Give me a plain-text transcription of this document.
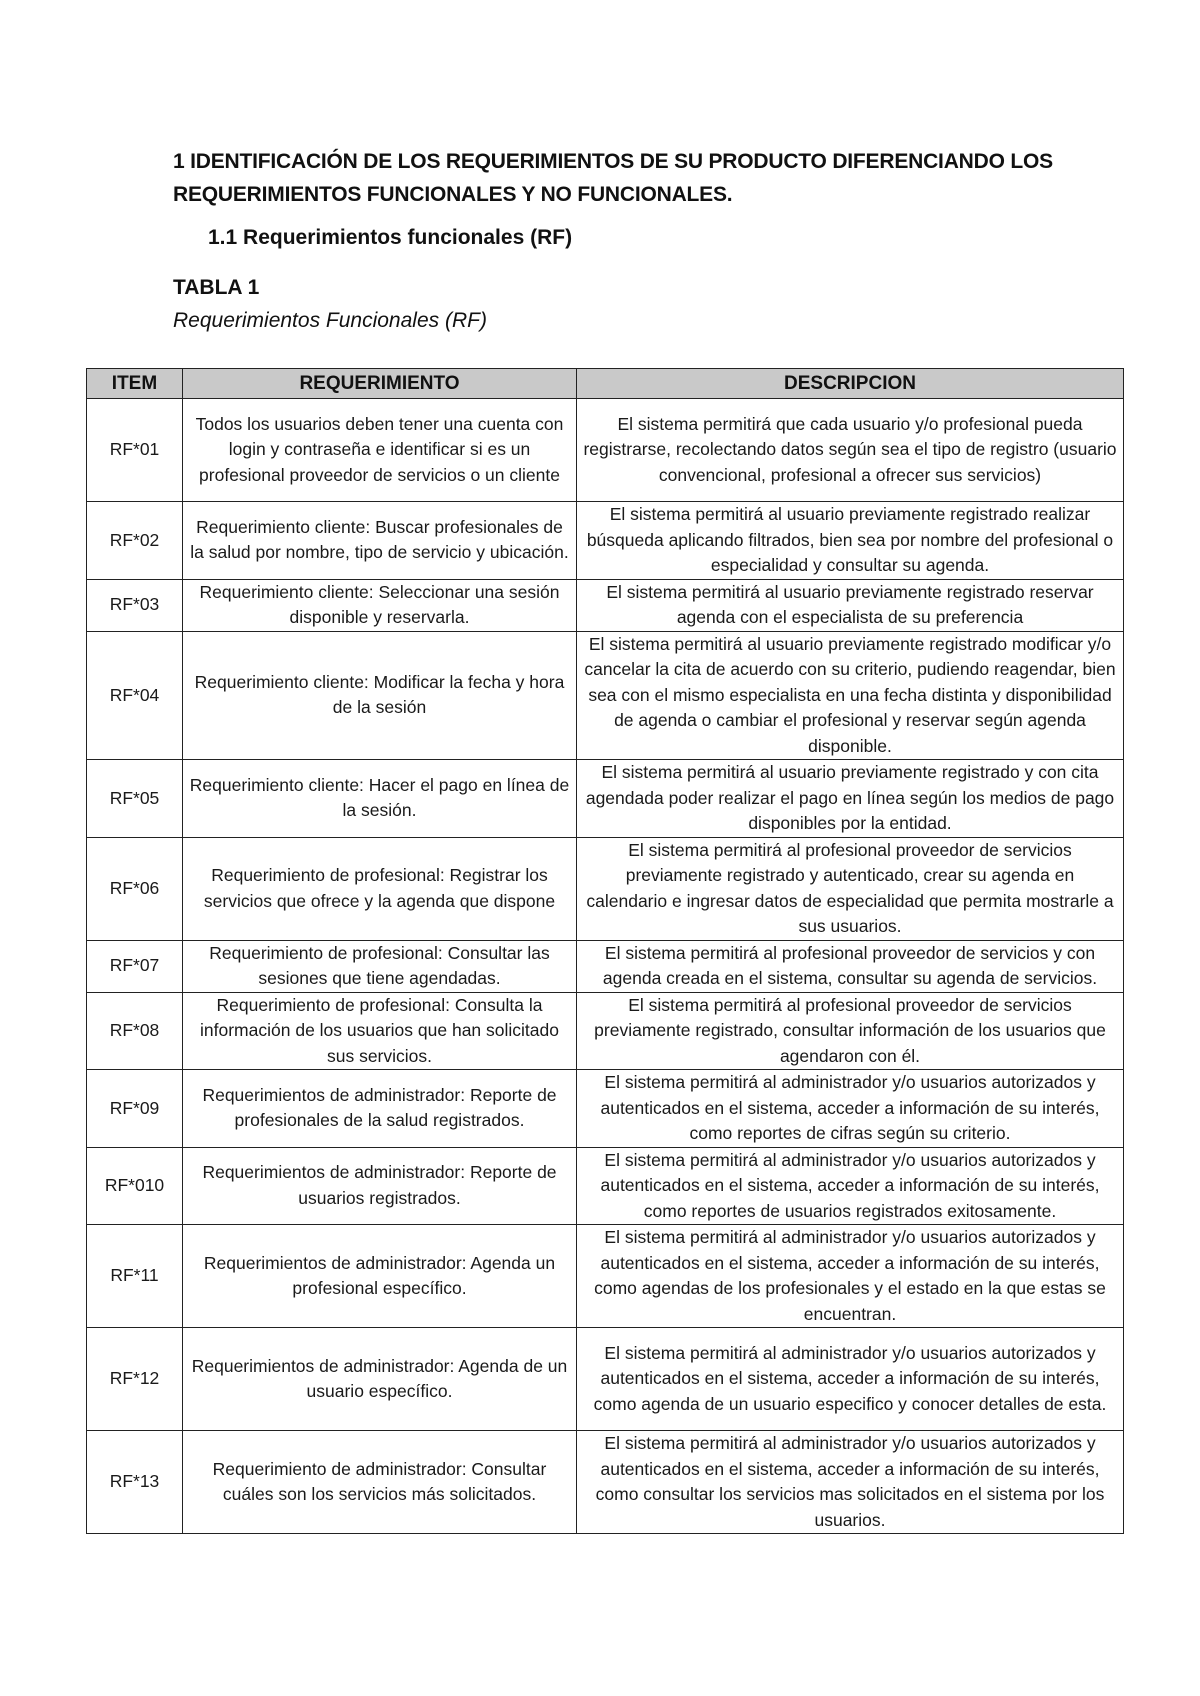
1 IDENTIFICACIÓN DE LOS REQUERIMIENTOS DE SU PRODUCTO DIFERENCIANDO LOS REQUERIMIENTOS FUNCIONALES Y NO FUNCIONALES.
1.1 Requerimientos funcionales (RF)
TABLA 1
Requerimientos Funcionales (RF)
ITEM	REQUERIMIENTO	DESCRIPCION
RF*01	Todos los usuarios deben tener una cuenta con login y contraseña e identificar si es un profesional proveedor de servicios o un cliente	El sistema permitirá que cada usuario y/o profesional pueda registrarse, recolectando datos según sea el tipo de registro (usuario convencional, profesional a ofrecer sus servicios)
RF*02	Requerimiento cliente: Buscar profesionales de la salud por nombre, tipo de servicio y ubicación.	El sistema permitirá al usuario previamente registrado realizar búsqueda aplicando filtrados, bien sea por nombre del profesional o especialidad y consultar su agenda.
RF*03	Requerimiento cliente: Seleccionar una sesión disponible y reservarla.	El sistema permitirá al usuario previamente registrado reservar agenda con el especialista de su preferencia
RF*04	Requerimiento cliente: Modificar la fecha y hora de la sesión	El sistema permitirá al usuario previamente registrado modificar y/o cancelar la cita de acuerdo con su criterio, pudiendo reagendar, bien sea con el mismo especialista en una fecha distinta y disponibilidad de agenda o cambiar el profesional y reservar según agenda disponible.
RF*05	Requerimiento cliente: Hacer el pago en línea de la sesión.	El sistema permitirá al usuario previamente registrado y con cita agendada poder realizar el pago en línea según los medios de pago disponibles por la entidad.
RF*06	Requerimiento de profesional: Registrar los servicios que ofrece y la agenda que dispone	El sistema permitirá al profesional proveedor de servicios previamente registrado y autenticado, crear su agenda en calendario e ingresar datos de especialidad que permita mostrarle a sus usuarios.
RF*07	Requerimiento de profesional: Consultar las sesiones que tiene agendadas.	El sistema permitirá al profesional proveedor de servicios y con agenda creada en el sistema, consultar su agenda de servicios.
RF*08	Requerimiento de profesional: Consulta la información de los usuarios que han solicitado sus servicios.	El sistema permitirá al profesional proveedor de servicios previamente registrado, consultar información de los usuarios que agendaron con él.
RF*09	Requerimientos de administrador: Reporte de profesionales de la salud registrados.	El sistema permitirá al administrador y/o usuarios autorizados y autenticados en el sistema, acceder a información de su interés, como reportes de cifras según su criterio.
RF*010	Requerimientos de administrador: Reporte de usuarios registrados.	El sistema permitirá al administrador y/o usuarios autorizados y autenticados en el sistema, acceder a información de su interés, como reportes de usuarios registrados exitosamente.
RF*11	Requerimientos de administrador: Agenda un profesional específico.	El sistema permitirá al administrador y/o usuarios autorizados y autenticados en el sistema, acceder a información de su interés, como agendas de los profesionales y el estado en la que estas se encuentran.
RF*12	Requerimientos de administrador: Agenda de un usuario específico.	El sistema permitirá al administrador y/o usuarios autorizados y autenticados en el sistema, acceder a información de su interés, como agenda de un usuario especifico y conocer detalles de esta.
RF*13	Requerimiento de administrador: Consultar cuáles son los servicios más solicitados.	El sistema permitirá al administrador y/o usuarios autorizados y autenticados en el sistema, acceder a información de su interés, como consultar los servicios mas solicitados en el sistema por los usuarios.
